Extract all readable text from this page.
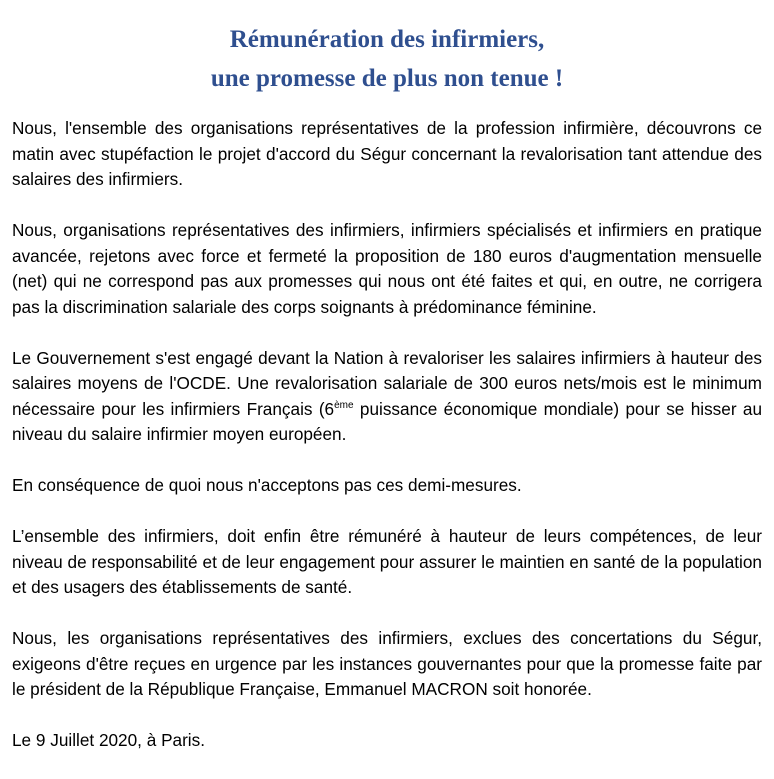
Rémunération des infirmiers,
une promesse de plus non tenue !

Nous, l'ensemble des organisations représentatives de la profession infirmière, découvrons ce matin avec stupéfaction le projet d'accord du Ségur concernant la revalorisation tant attendue des salaires des infirmiers.

Nous, organisations représentatives des infirmiers, infirmiers spécialisés et infirmiers en pratique avancée, rejetons avec force et fermeté la proposition de 180 euros d'augmentation mensuelle (net) qui ne correspond pas aux promesses qui nous ont été faites et qui, en outre, ne corrigera pas la discrimination salariale des corps soignants à prédominance féminine.

Le Gouvernement s'est engagé devant la Nation à revaloriser les salaires infirmiers à hauteur des salaires moyens de l'OCDE. Une revalorisation salariale de 300 euros nets/mois est le minimum nécessaire pour les infirmiers Français (6ème puissance économique mondiale) pour se hisser au niveau du salaire infirmier moyen européen.

En conséquence de quoi nous n'acceptons pas ces demi-mesures.

L’ensemble des infirmiers, doit enfin être rémunéré à hauteur de leurs compétences, de leur niveau de responsabilité et de leur engagement pour assurer le maintien en santé de la population et des usagers des établissements de santé.

Nous, les organisations représentatives des infirmiers, exclues des concertations du Ségur, exigeons d'être reçues en urgence par les instances gouvernantes pour que la promesse faite par le président de la République Française, Emmanuel MACRON soit honorée.

Le 9 Juillet 2020, à Paris.
